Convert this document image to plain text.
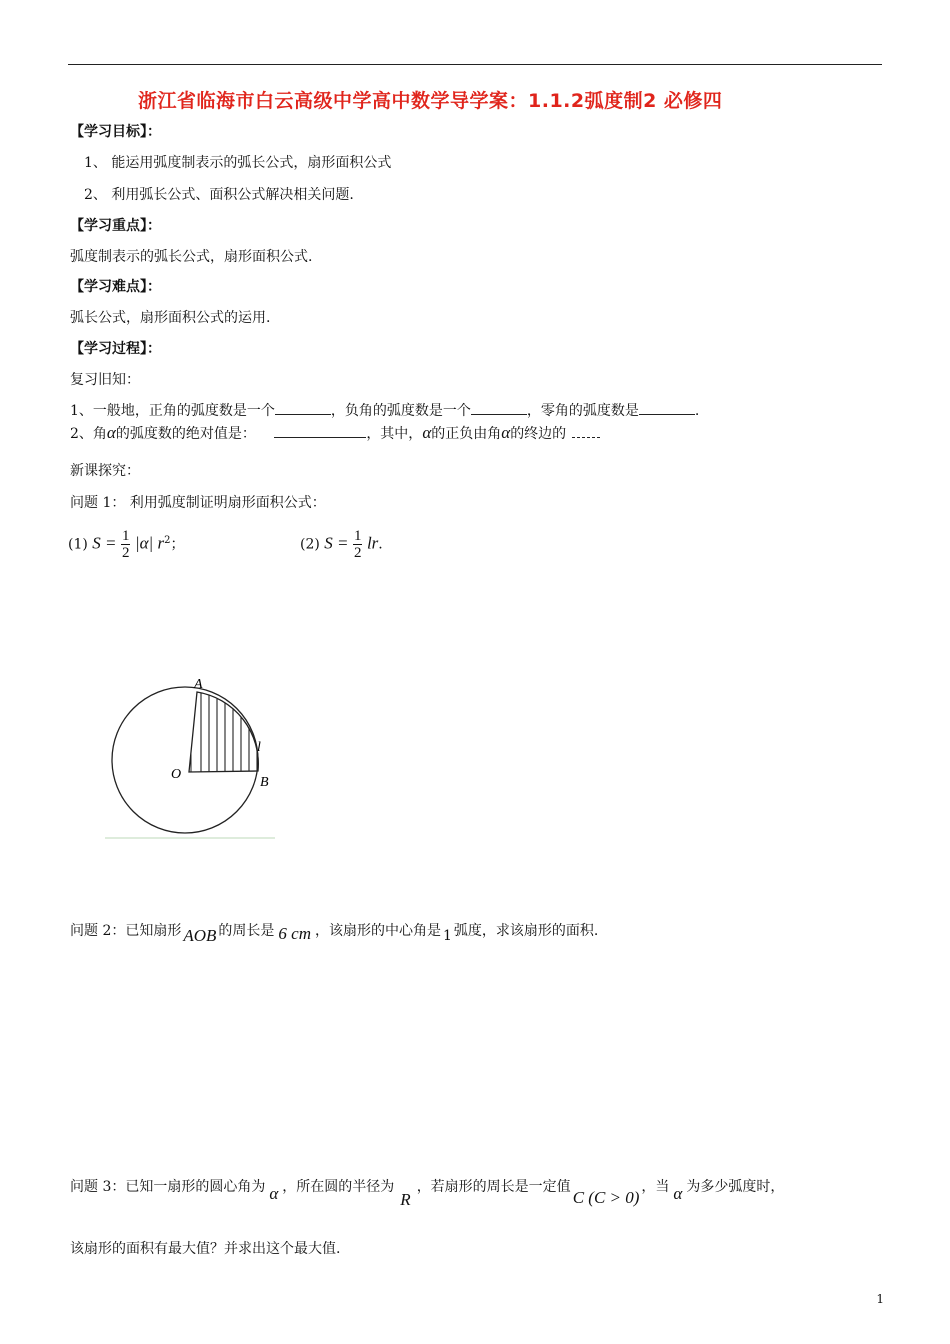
浙江省临海市白云高级中学高中数学导学案：1.1.2弧度制2 必修四
【学习目标】：
1、 能运用弧度制表示的弧长公式，扇形面积公式
2、 利用弧长公式、面积公式解决相关问题.
【学习重点】：
弧度制表示的弧长公式，扇形面积公式.
【学习难点】：
弧长公式，扇形面积公式的运用.
【学习过程】：
复习旧知：
1、一般地，正角的弧度数是一个	，负角的弧度数是一个	，零角的弧度数是	.
2、角α的弧度数的绝对值是：	，其中，α的正负由角α的终边的
新课探究：
问题 1： 利用弧度制证明扇形面积公式：
(1) $S = \frac{1}{2} |\alpha|$ $r^2$；	(2) $S = \frac{1}{2}$ lr.
A
l
B
O
问题 2：已知扇形 AOB 的周长是 6 cm ，该扇形的中心角是 1 弧度，求该扇形的面积.
问题 3：已知一扇形的圆心角为 α ，所在圆的半径为R，若扇形的周长是一定值C (C > 0)，当 α 为多少弧度时，
该扇形的面积有最大值？并求出这个最大值.
1
